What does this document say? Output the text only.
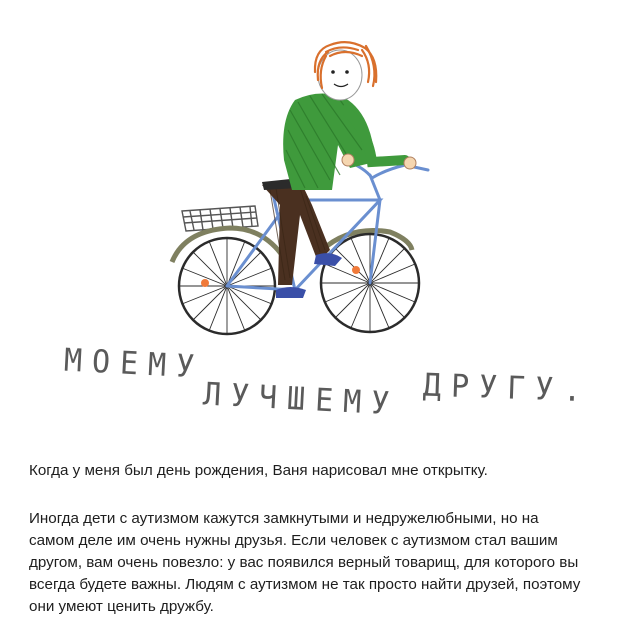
МОЕМУ
ЛУЧШЕМУ ДРУГУ.

Когда у меня был день рождения, Ваня нарисовал мне открытку.

Иногда дети с аутизмом кажутся замкнутыми и недружелюбными, но на
самом деле им очень нужны друзья. Если человек с аутизмом стал вашим
другом, вам очень повезло: у вас появился верный товарищ, для которого вы
всегда будете важны. Людям с аутизмом не так просто найти друзей, поэтому
они умеют ценить дружбу.
